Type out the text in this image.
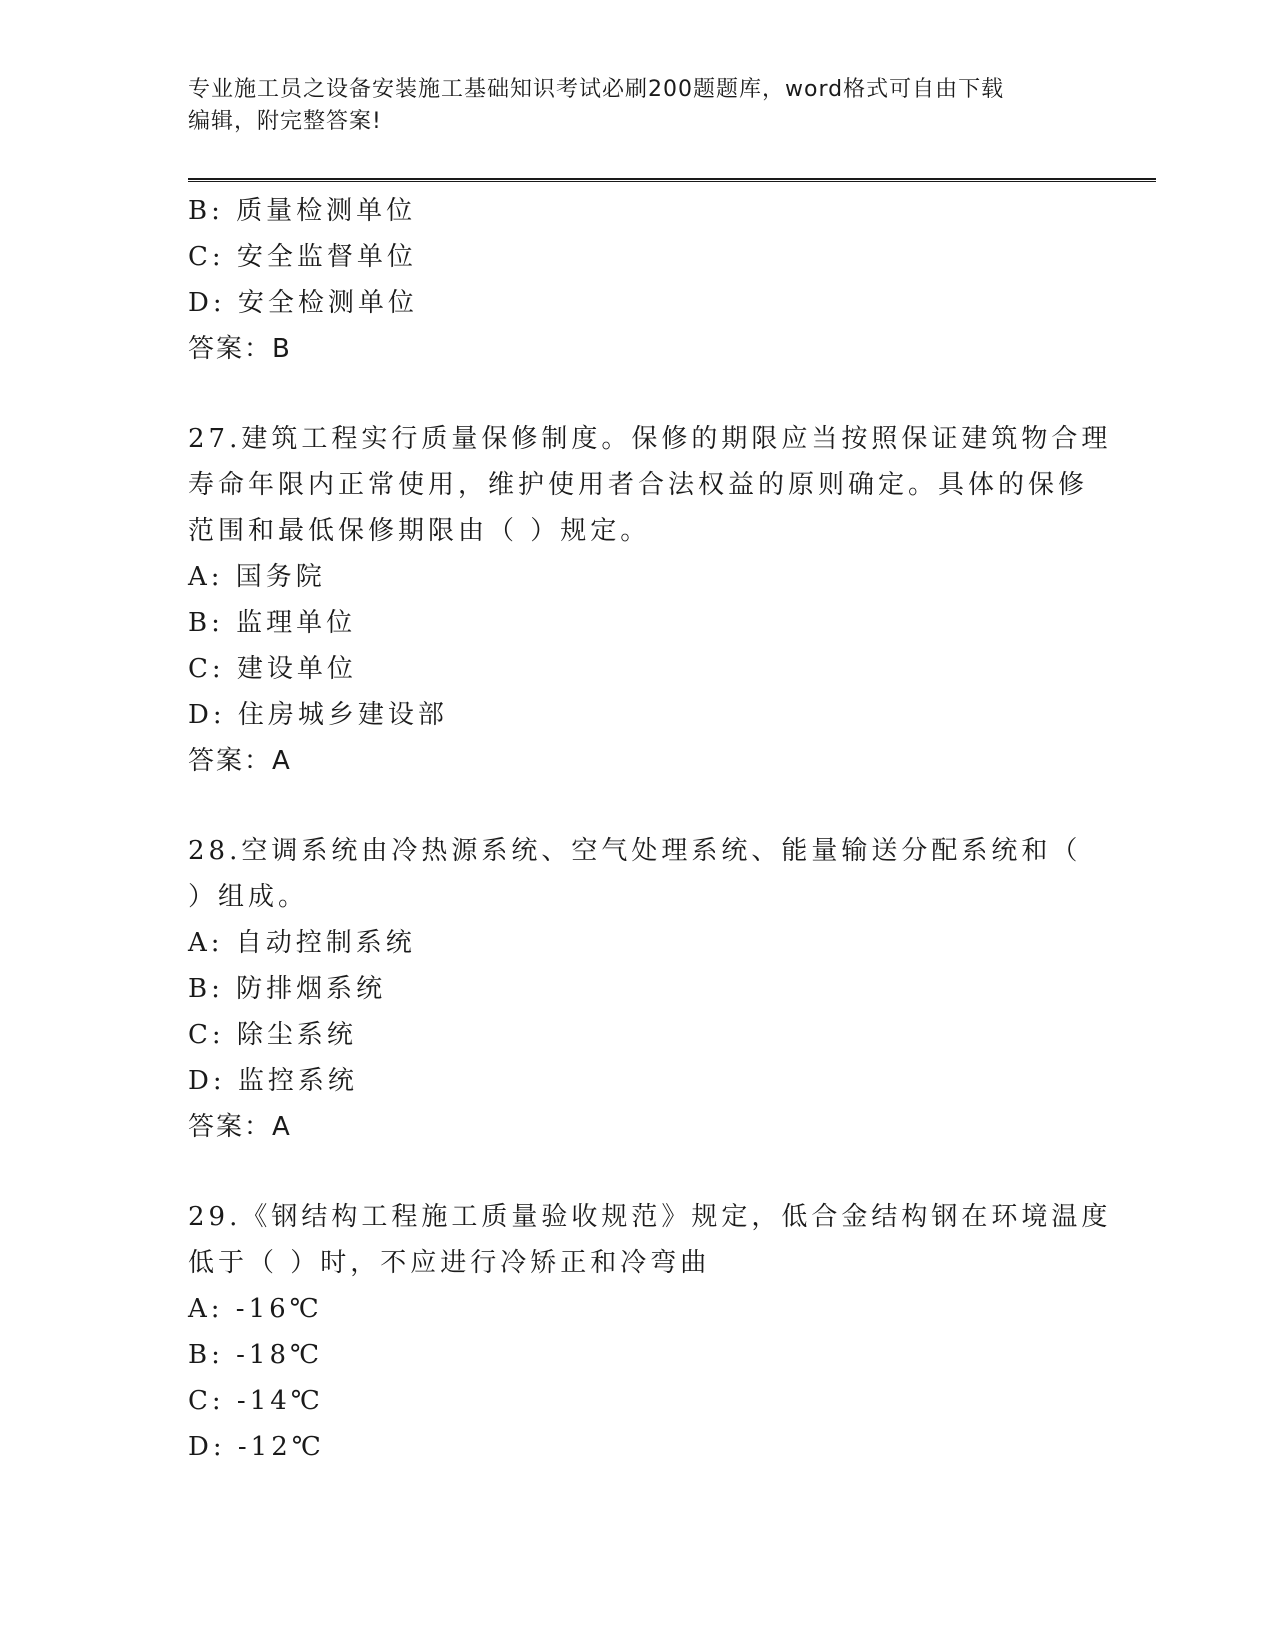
专业施工员之设备安装施工基础知识考试必刷200题题库，word格式可自由下载
编辑，附完整答案!
B: 质量检测单位
C: 安全监督单位
D: 安全检测单位
答案：B
27.建筑工程实行质量保修制度。保修的期限应当按照保证建筑物合理
寿命年限内正常使用，维护使用者合法权益的原则确定。具体的保修
范围和最低保修期限由（ ）规定。
A: 国务院
B: 监理单位
C: 建设单位
D: 住房城乡建设部
答案：A
28.空调系统由冷热源系统、空气处理系统、能量输送分配系统和（
）组成。
A: 自动控制系统
B: 防排烟系统
C: 除尘系统
D: 监控系统
答案：A
29.《钢结构工程施工质量验收规范》规定，低合金结构钢在环境温度
低于（ ）时，不应进行冷矫正和冷弯曲
A: -16℃
B: -18℃
C: -14℃
D: -12℃
